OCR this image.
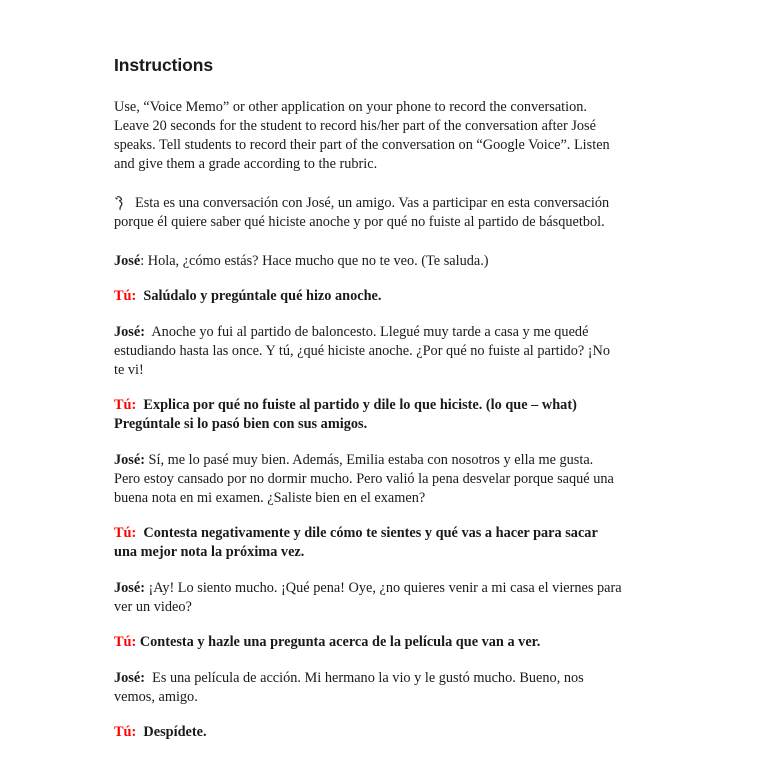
Instructions

Use, “Voice Memo” or other application on your phone to record the conversation. Leave 20 seconds for the student to record his/her part of the conversation after José speaks. Tell students to record their part of the conversation on “Google Voice”. Listen and give them a grade according to the rubric.

Esta es una conversación con José, un amigo. Vas a participar en esta conversación porque él quiere saber qué hiciste anoche y por qué no fuiste al partido de básquetbol.

José: Hola, ¿cómo estás? Hace mucho que no te veo. (Te saluda.)

Tú: Salúdalo y pregúntale qué hizo anoche.

José: Anoche yo fui al partido de baloncesto. Llegué muy tarde a casa y me quedé estudiando hasta las once. Y tú, ¿qué hiciste anoche. ¿Por qué no fuiste al partido? ¡No te vi!

Tú: Explica por qué no fuiste al partido y dile lo que hiciste. (lo que – what) Pregúntale si lo pasó bien con sus amigos.

José: Sí, me lo pasé muy bien. Además, Emilia estaba con nosotros y ella me gusta. Pero estoy cansado por no dormir mucho. Pero valió la pena desvelar porque saqué una buena nota en mi examen. ¿Saliste bien en el examen?

Tú: Contesta negativamente y dile cómo te sientes y qué vas a hacer para sacar una mejor nota la próxima vez.

José: ¡Ay! Lo siento mucho. ¡Qué pena! Oye, ¿no quieres venir a mi casa el viernes para ver un video?

Tú: Contesta y hazle una pregunta acerca de la película que van a ver.

José: Es una película de acción. Mi hermano la vio y le gustó mucho. Bueno, nos vemos, amigo.

Tú: Despídete.
